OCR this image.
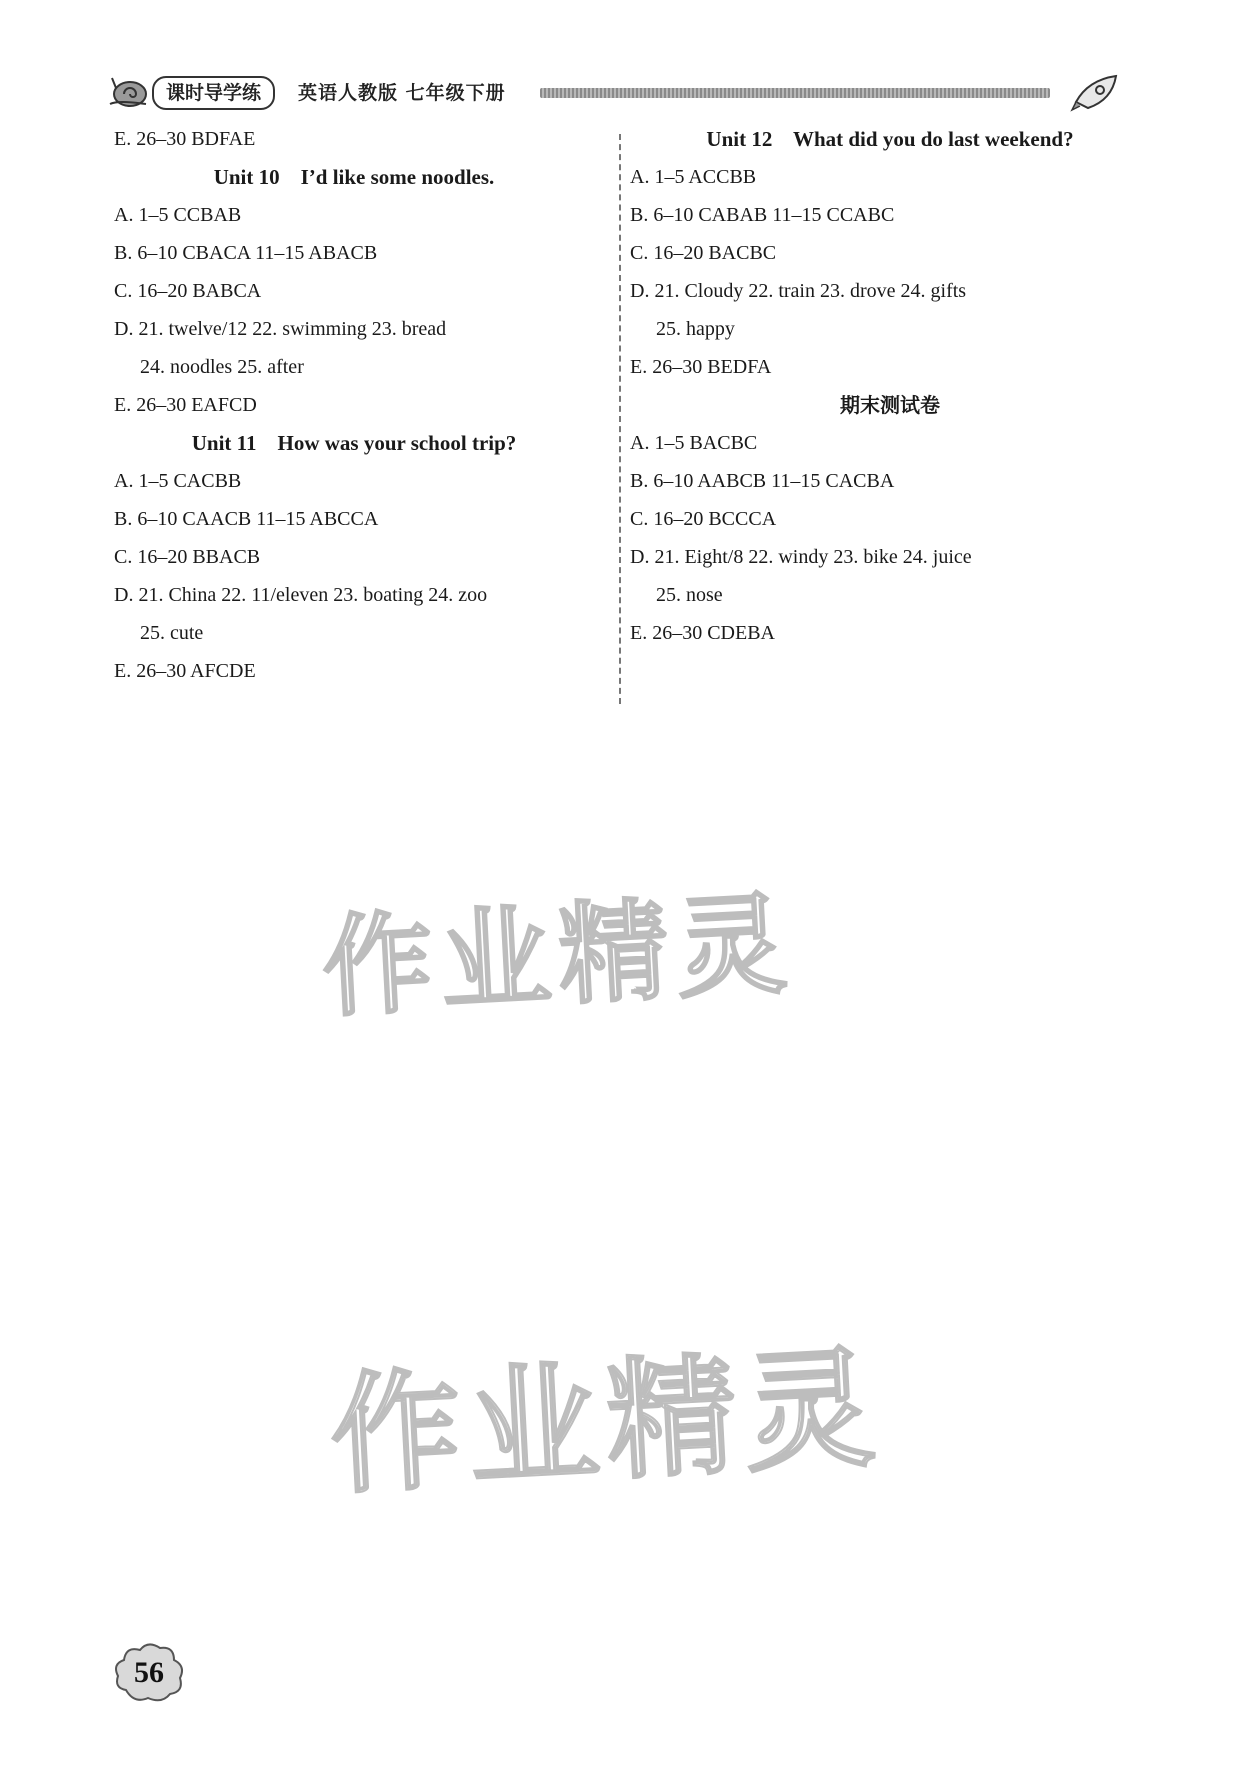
课时导学练	英语人教版 七年级下册
E. 26–30 BDFAE
Unit 10    I’d like some noodles.
A. 1–5 CCBAB
B. 6–10 CBACA 11–15 ABACB
C. 16–20 BABCA
D. 21. twelve/12 22. swimming 23. bread
24. noodles 25. after
E. 26–30 EAFCD
Unit 11    How was your school trip?
A. 1–5 CACBB
B. 6–10 CAACB 11–15 ABCCA
C. 16–20 BBACB
D. 21. China 22. 11/eleven 23. boating 24. zoo
25. cute
E. 26–30 AFCDE
Unit 12    What did you do last weekend?
A. 1–5 ACCBB
B. 6–10 CABAB 11–15 CCABC
C. 16–20 BACBC
D. 21. Cloudy 22. train 23. drove 24. gifts
25. happy
E. 26–30 BEDFA
期末测试卷
A. 1–5 BACBC
B. 6–10 AABCB 11–15 CACBA
C. 16–20 BCCCA
D. 21. Eight/8 22. windy 23. bike 24. juice
25. nose
E. 26–30 CDEBA
作业精灵
作业精灵
56
